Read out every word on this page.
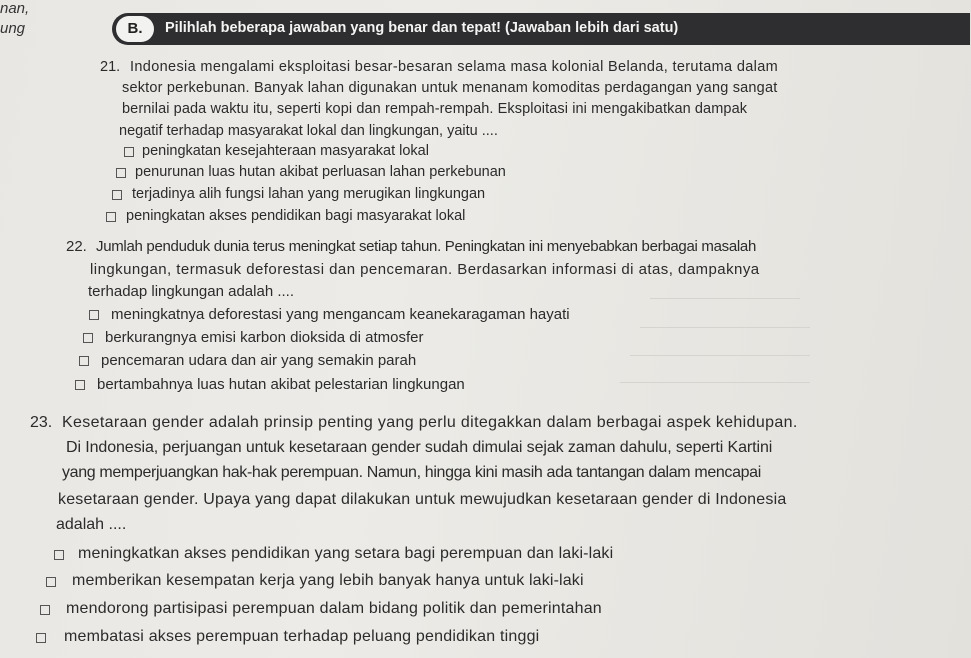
nan,
ung	B.	Pilihlah beberapa jawaban yang benar dan tepat! (Jawaban lebih dari satu)
21. Indonesia mengalami eksploitasi besar-besaran selama masa kolonial Belanda, terutama dalam
sektor perkebunan. Banyak lahan digunakan untuk menanam komoditas perdagangan yang sangat
bernilai pada waktu itu, seperti kopi dan rempah-rempah. Eksploitasi ini mengakibatkan dampak
negatif terhadap masyarakat lokal dan lingkungan, yaitu ....
peningkatan kesejahteraan masyarakat lokal
penurunan luas hutan akibat perluasan lahan perkebunan
terjadinya alih fungsi lahan yang merugikan lingkungan
peningkatan akses pendidikan bagi masyarakat lokal
22. Jumlah penduduk dunia terus meningkat setiap tahun. Peningkatan ini menyebabkan berbagai masalah
lingkungan, termasuk deforestasi dan pencemaran. Berdasarkan informasi di atas, dampaknya
terhadap lingkungan adalah ....
meningkatnya deforestasi yang mengancam keanekaragaman hayati
berkurangnya emisi karbon dioksida di atmosfer
pencemaran udara dan air yang semakin parah
bertambahnya luas hutan akibat pelestarian lingkungan
23. Kesetaraan gender adalah prinsip penting yang perlu ditegakkan dalam berbagai aspek kehidupan.
Di Indonesia, perjuangan untuk kesetaraan gender sudah dimulai sejak zaman dahulu, seperti Kartini
yang memperjuangkan hak-hak perempuan. Namun, hingga kini masih ada tantangan dalam mencapai
kesetaraan gender. Upaya yang dapat dilakukan untuk mewujudkan kesetaraan gender di Indonesia
adalah ....
meningkatkan akses pendidikan yang setara bagi perempuan dan laki-laki
memberikan kesempatan kerja yang lebih banyak hanya untuk laki-laki
mendorong partisipasi perempuan dalam bidang politik dan pemerintahan
membatasi akses perempuan terhadap peluang pendidikan tinggi
